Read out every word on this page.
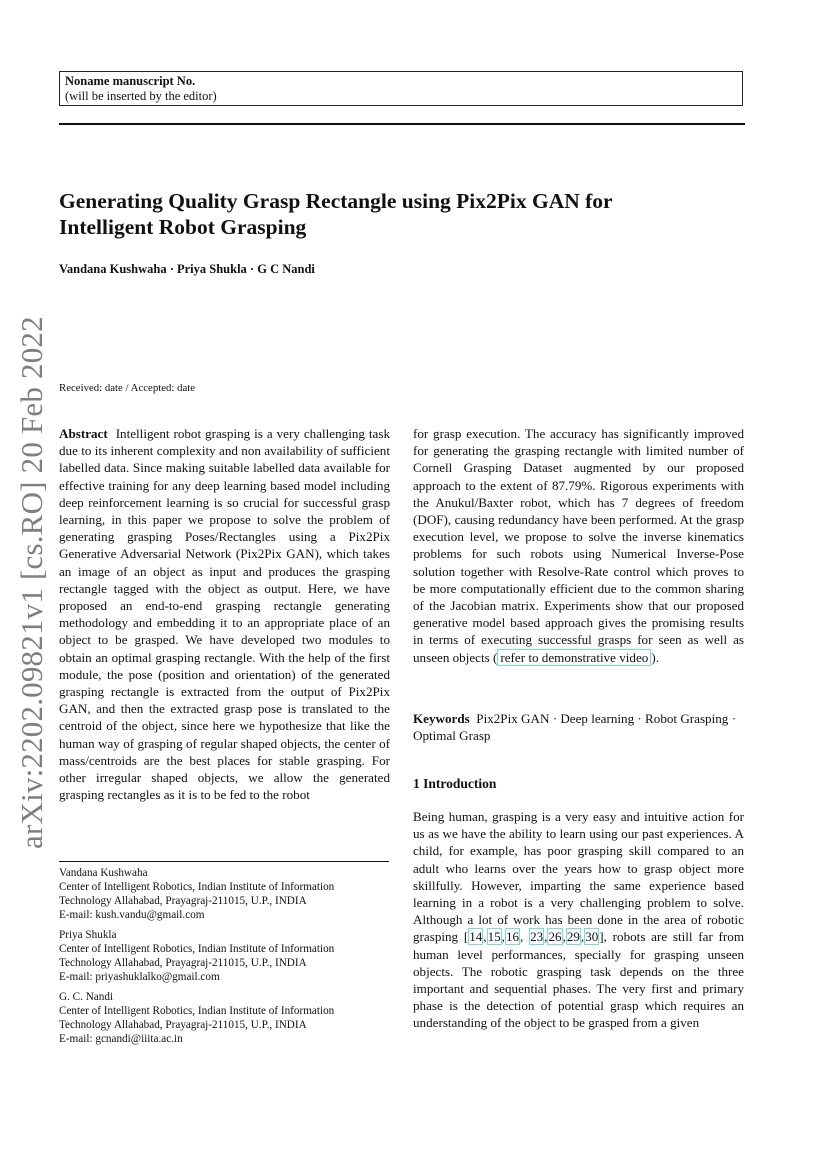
Noname manuscript No.
(will be inserted by the editor)
Generating Quality Grasp Rectangle using Pix2Pix GAN for
Intelligent Robot Grasping
Vandana Kushwaha · Priya Shukla · G C Nandi
arXiv:2202.09821v1 [cs.RO] 20 Feb 2022 Received: date / Accepted: date

Abstract Intelligent robot grasping is a very challenging task due to its inherent complexity and non availability of sufficient labelled data. Since making suitable labelled data available for effective training for any deep learning based model including deep reinforcement learning is so crucial for successful grasp learning, in this paper we propose to solve the problem of generating grasping Poses/Rectangles using a Pix2Pix Generative Adversarial Network (Pix2Pix GAN), which takes an image of an object as input and produces the grasping rectangle tagged with the object as output. Here, we have proposed an end-to-end grasping rectangle generating methodology and embedding it to an appropriate place of an object to be grasped. We have developed two modules to obtain an optimal grasping rectangle. With the help of the first module, the pose (position and orientation) of the generated grasping rectangle is extracted from the output of Pix2Pix GAN, and then the extracted grasp pose is translated to the centroid of the object, since here we hypothesize that like the human way of grasping of regular shaped objects, the center of mass/centroids are the best places for stable grasping. For other irregular shaped objects, we allow the generated grasping rectangles as it is to be fed to the robot

for grasp execution. The accuracy has significantly improved for generating the grasping rectangle with limited number of Cornell Grasping Dataset augmented by our proposed approach to the extent of 87.79%. Rigorous experiments with the Anukul/Baxter robot, which has 7 degrees of freedom (DOF), causing redundancy have been performed. At the grasp execution level, we propose to solve the inverse kinematics problems for such robots using Numerical Inverse-Pose solution together with Resolve-Rate control which proves to be more computationally efficient due to the common sharing of the Jacobian matrix. Experiments show that our proposed generative model based approach gives the promising results in terms of executing successful grasps for seen as well as unseen objects ( refer to demonstrative video ).

Keywords Pix2Pix GAN · Deep learning · Robot Grasping · Optimal Grasp

1 Introduction

Being human, grasping is a very easy and intuitive action for us as we have the ability to learn using our past experiences. A child, for example, has poor grasping skill compared to an adult who learns over the years how to grasp object more skillfully. However, imparting the same experience based learning in a robot is a very challenging problem to solve. Although a lot of work has been done in the area of robotic grasping [14,15,16, 23,26,29,30], robots are still far from human level performances, specially for grasping unseen objects. The robotic grasping task depends on the three important and sequential phases. The very first and primary phase is the detection of potential grasp which requires an understanding of the object to be grasped from a given

Vandana Kushwaha
Center of Intelligent Robotics, Indian Institute of Information
Technology Allahabad, Prayagraj-211015, U.P., INDIA
E-mail: kush.vandu@gmail.com
Priya Shukla
Center of Intelligent Robotics, Indian Institute of Information
Technology Allahabad, Prayagraj-211015, U.P., INDIA
E-mail: priyashuklalko@gmail.com
G. C. Nandi
Center of Intelligent Robotics, Indian Institute of Information
Technology Allahabad, Prayagraj-211015, U.P., INDIA
E-mail: gcnandi@iiita.ac.in
